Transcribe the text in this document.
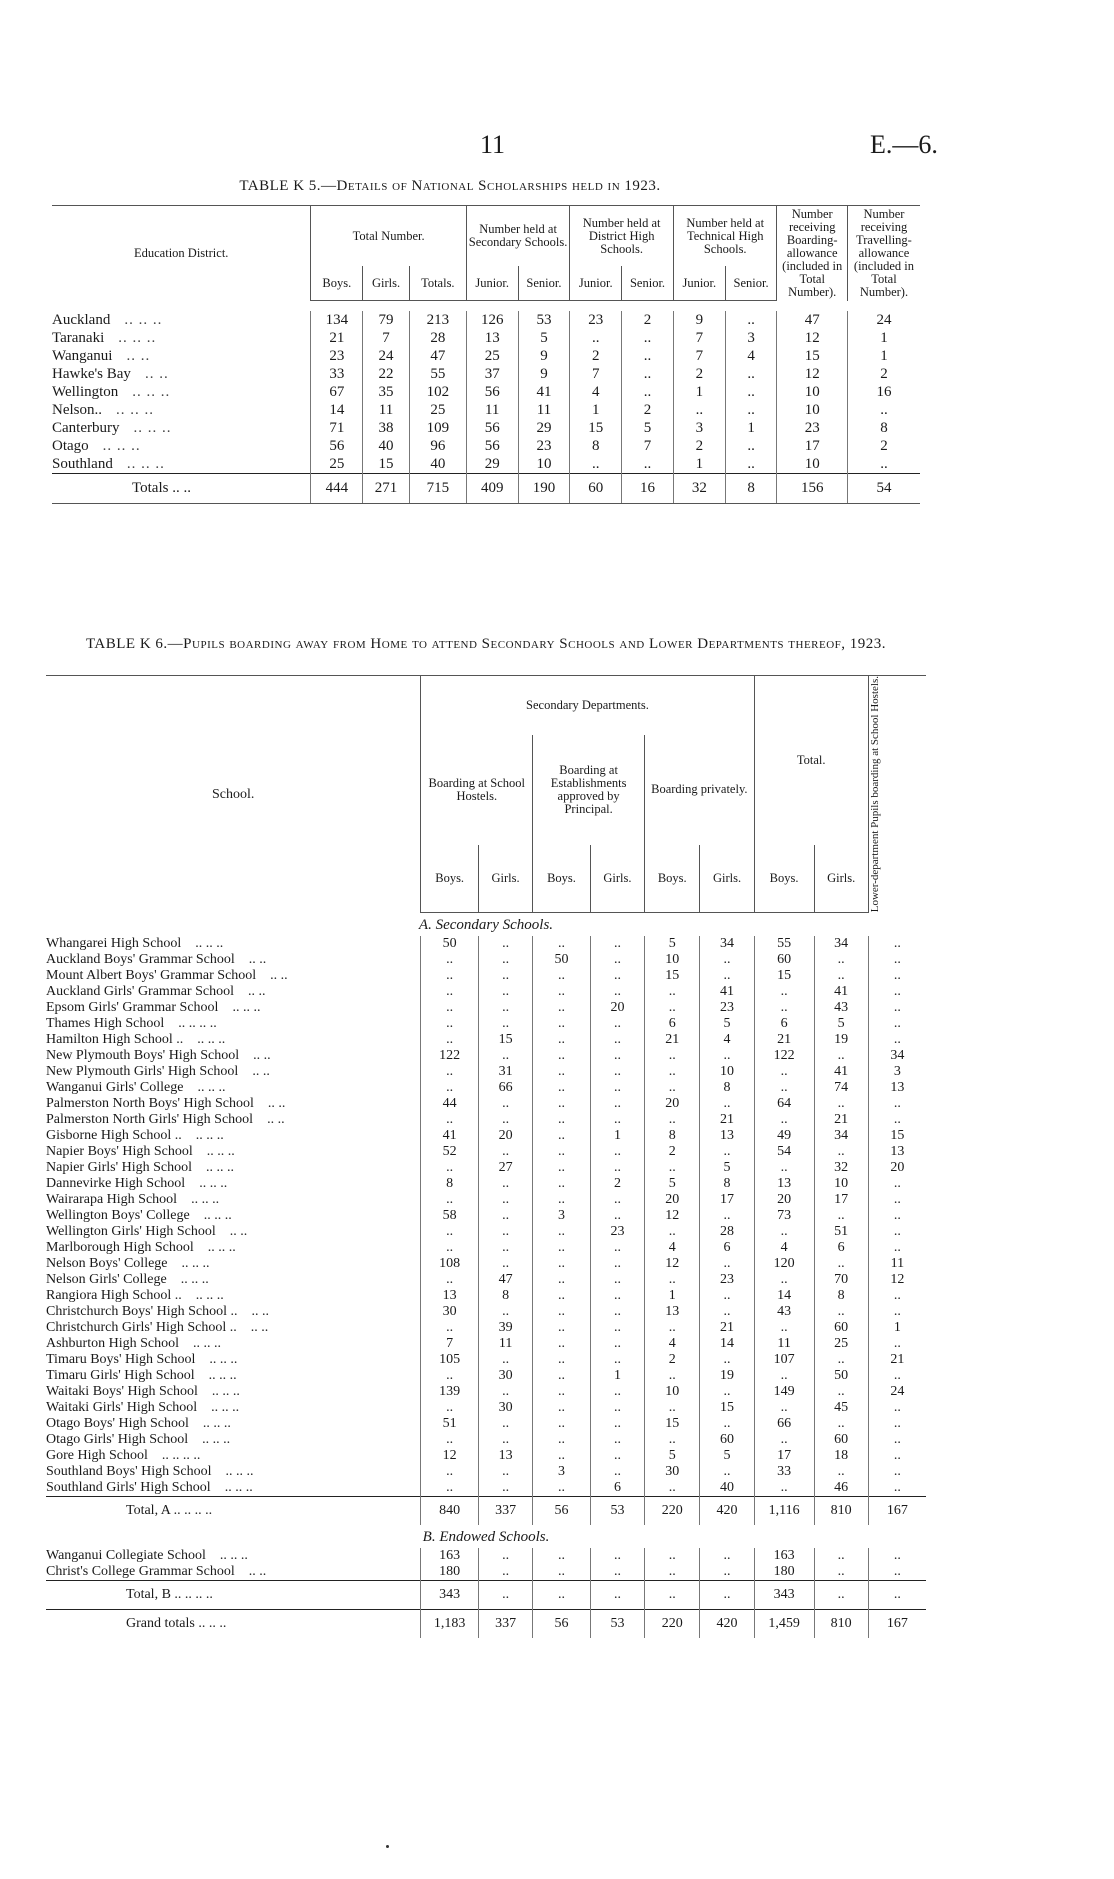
11	E.—6.
TABLE K 5.—Details of National Scholarships held in 1923.
Education District.	Total Number.			Number held at Secondary Schools.		Number held at District High Schools.		Number held at Technical High Schools.		Number receiving Boarding-allowance (included in Total Number).	Number receiving Travelling-allowance (included in Total Number).
	Boys.	Girls.	Totals.	Junior.	Senior.	Junior.	Senior.	Junior.	Senior.		

Auckland .. .. ..	134	79	213	126	53	23	2	9	..	47	24
Taranaki .. .. ..	21	7	28	13	5	..	..	7	3	12	1
Wanganui .. ..	23	24	47	25	9	2	..	7	4	15	1
Hawke's Bay .. ..	33	22	55	37	9	7	..	2	..	12	2
Wellington .. .. ..	67	35	102	56	41	4	..	1	..	10	16
Nelson.. .. .. ..	14	11	25	11	11	1	2	..	..	10	..
Canterbury .. .. ..	71	38	109	56	29	15	5	3	1	23	8
Otago .. .. ..	56	40	96	56	23	8	7	2	..	17	2
Southland .. .. ..	25	15	40	29	10	..	..	1	..	10	..
Totals .. ..	444	271	715	409	190	60	16	32	8	156	54
TABLE K 6.—Pupils boarding away from Home to attend Secondary Schools and Lower Departments thereof, 1923.
School.	Secondary Departments.						Total.		Lower-department Pupils boarding at School Hostels.

	Boarding at School Hostels.		Boarding at Establishments approved by Principal.		Boarding privately.				
	Boys.	Girls.	Boys.	Girls.	Boys.	Girls.	Boys.	Girls.	
A. Secondary Schools.									
Whangarei High School .. .. ..	50	..	..	..	5	34	55	34	..
Auckland Boys' Grammar School .. ..	..	..	50	..	10	..	60	..	..
Mount Albert Boys' Grammar School .. ..	..	..	..	..	15	..	15	..	..
Auckland Girls' Grammar School .. ..	..	..	..	..	..	41	..	41	..
Epsom Girls' Grammar School .. .. ..	..	..	..	20	..	23	..	43	..
Thames High School .. .. .. ..	..	..	..	..	6	5	6	5	..
Hamilton High School .. .. .. ..	..	15	..	..	21	4	21	19	..
New Plymouth Boys' High School .. ..	122	..	..	..	..	..	122	..	34
New Plymouth Girls' High School .. ..	..	31	..	..	..	10	..	41	3
Wanganui Girls' College .. .. ..	..	66	..	..	..	8	..	74	13
Palmerston North Boys' High School .. ..	44	..	..	..	20	..	64	..	..
Palmerston North Girls' High School .. ..	..	..	..	..	..	21	..	21	..
Gisborne High School .. .. .. ..	41	20	..	1	8	13	49	34	15
Napier Boys' High School .. .. ..	52	..	..	..	2	..	54	..	13
Napier Girls' High School .. .. ..	..	27	..	..	..	5	..	32	20
Dannevirke High School .. .. ..	8	..	..	2	5	8	13	10	..
Wairarapa High School .. .. ..	..	..	..	..	20	17	20	17	..
Wellington Boys' College .. .. ..	58	..	3	..	12	..	73	..	..
Wellington Girls' High School .. ..	..	..	..	23	..	28	..	51	..
Marlborough High School .. .. ..	..	..	..	..	4	6	4	6	..
Nelson Boys' College .. .. ..	108	..	..	..	12	..	120	..	11
Nelson Girls' College .. .. ..	..	47	..	..	..	23	..	70	12
Rangiora High School .. .. .. ..	13	8	..	..	1	..	14	8	..
Christchurch Boys' High School .. .. ..	30	..	..	..	13	..	43	..	..
Christchurch Girls' High School .. .. ..	..	39	..	..	..	21	..	60	1
Ashburton High School .. .. ..	7	11	..	..	4	14	11	25	..
Timaru Boys' High School .. .. ..	105	..	..	..	2	..	107	..	21
Timaru Girls' High School .. .. ..	..	30	..	1	..	19	..	50	..
Waitaki Boys' High School .. .. ..	139	..	..	..	10	..	149	..	24
Waitaki Girls' High School .. .. ..	..	30	..	..	..	15	..	45	..
Otago Boys' High School .. .. ..	51	..	..	..	15	..	66	..	..
Otago Girls' High School .. .. ..	..	..	..	..	..	60	..	60	..
Gore High School .. .. .. ..	12	13	..	..	5	5	17	18	..
Southland Boys' High School .. .. ..	..	..	3	..	30	..	33	..	..
Southland Girls' High School .. .. ..	..	..	..	6	..	40	..	46	..
Total, A .. .. .. ..	840	337	56	53	220	420	1,116	810	167
B. Endowed Schools.									
Wanganui Collegiate School .. .. ..	163	..	..	..	..	..	163	..	..
Christ's College Grammar School .. ..	180	..	..	..	..	..	180	..	..
Total, B .. .. .. ..	343	..	..	..	..	..	343	..	..
Grand totals .. .. ..	1,183	337	56	53	220	420	1,459	810	167
